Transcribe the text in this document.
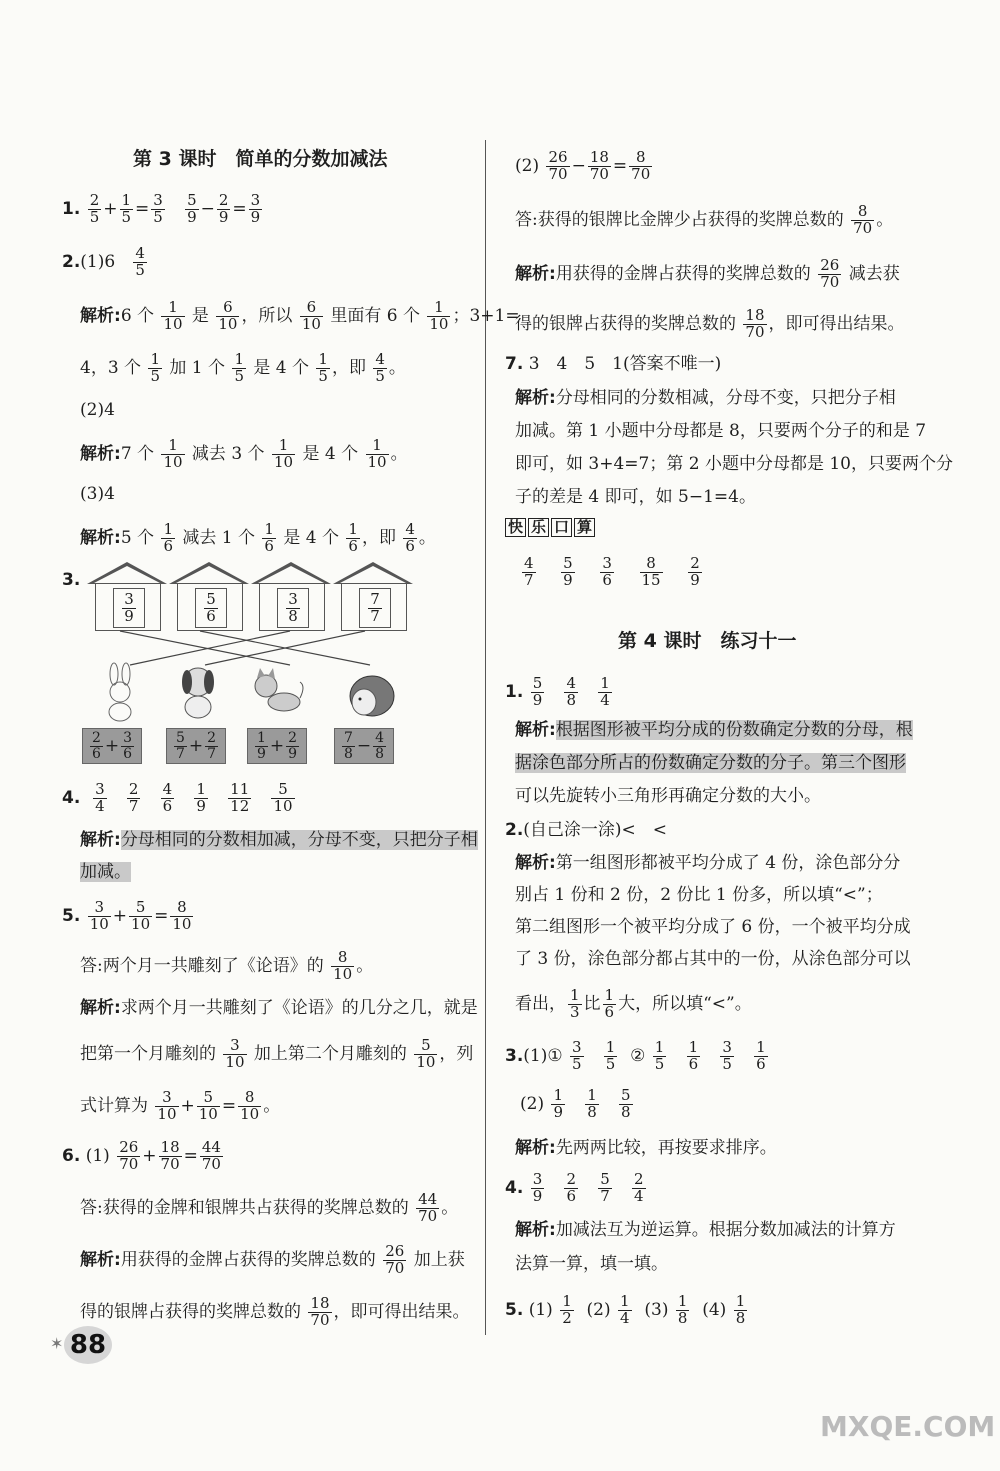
第 3 课时　简单的分数加减法
1. $\frac{2}{5} + \frac{1}{5} = \frac{3}{5}$
$\frac{5}{9} - \frac{2}{9} = \frac{3}{9}$
$2.(1)6 \frac{4}{5}$
解析:6 个 $\frac{1}{10}$ 是 $\frac{6}{10}$ ，所以 $\frac{6}{10}$ 里面有 6 个 $\frac{1}{10}$ ；3+1=
4，3 个 $\frac{1}{5}$ 加 1 个 $\frac{1}{5}$ 是 4 个 $\frac{1}{5}$ ，即 $\frac{4}{5}$ 。
(2)4
解析:7 个 $\frac{1}{10}$ 减去 3 个 $\frac{1}{10}$ 是 4 个 $\frac{1}{10}$ 。
(3)4
解析:5 个 $\frac{1}{6}$ 减去 1 个 $\frac{1}{6}$ 是 4 个 $\frac{1}{6}$ ，即 $\frac{4}{6}$ 。
3.
3
9
5
6
3
8
7
7
2
6 + 3
6
5
7 + 2
7
1
9 + 2
9
7
8 − 4
8
4. $\frac{3}{4}$
$\frac{2}{7}$
$\frac{4}{6}$
$\frac{1}{9}$
$\frac{11}{12}$
$\frac{5}{10}$
解析:分母相同的分数相加减，分母不变，只把分子相
加减。
5. $\frac{3}{10} + \frac{5}{10} = \frac{8}{10}$
答:两个月一共雕刻了《论语》的 $\frac{8}{10}$ 。
解析:求两个月一共雕刻了《论语》的几分之几，就是
把第一个月雕刻的 $\frac{3}{10}$ 加上第二个月雕刻的 $\frac{5}{10}$ ，列
式计算为 $\frac{3}{10} + \frac{5}{10} = \frac{8}{10}$ 。
6. $(1) \frac{26}{70} + \frac{18}{70} = \frac{44}{70}$
答:获得的金牌和银牌共占获得的奖牌总数的 $\frac{44}{70}$ 。
解析:用获得的金牌占获得的奖牌总数的 $\frac{26}{70}$ 加上获
得的银牌占获得的奖牌总数的 $\frac{18}{70}$ ，即可得出结果。
✶ 88
$(2) \frac{26}{70} - \frac{18}{70} = \frac{8}{70}$
答:获得的银牌比金牌少占获得的奖牌总数的 $\frac{8}{70}$ 。
解析:用获得的金牌占获得的奖牌总数的 $\frac{26}{70}$ 减去获
得的银牌占获得的奖牌总数的 $\frac{18}{70}$ ，即可得出结果。
7. 3　4　5　1(答案不唯一)
解析:分母相同的分数相减，分母不变，只把分子相
加减。第 1 小题中分母都是 8，只要两个分子的和是 7
即可，如 3+4=7；第 2 小题中分母都是 10，只要两个分
子的差是 4 即可，如 5−1=4。
快 乐 口 算
$\frac{4}{7}$
$\frac{5}{9}$
$\frac{3}{6}$
$\frac{8}{15}$
$\frac{2}{9}$
第 4 课时　练习十一
1. $\frac{5}{9}$
$\frac{4}{8}$
$\frac{1}{4}$
解析:根据图形被平均分成的份数确定分数的分母，根
据涂色部分所占的份数确定分数的分子。第三个图形
可以先旋转小三角形再确定分数的大小。
2.(自己涂一涂)<　<
解析:第一组图形都被平均分成了 4 份，涂色部分分
别占 1 份和 2 份，2 份比 1 份多，所以填“<”；
第二组图形一个被平均分成了 6 份，一个被平均分成
了 3 份，涂色部分都占其中的一份，从涂色部分可以
看出， $\frac{1}{3}$ 比 $\frac{1}{6}$ 大，所以填“<”。
3.(1)① $\frac{3}{5}$
$\frac{1}{5}$ ② $\frac{1}{5}$
$\frac{1}{6}$
$\frac{3}{5}$
$\frac{1}{6}$
$(2) \frac{1}{9}$
$\frac{1}{8}$
$\frac{5}{8}$
解析:先两两比较，再按要求排序。
4. $\frac{3}{9}$
$\frac{2}{6}$
$\frac{5}{7}$
$\frac{2}{4}$
解析:加减法互为逆运算。根据分数加减法的计算方
法算一算，填一填。
5. $(1) \frac{1}{2} (2) \frac{1}{4} (3) \frac{1}{8} (4) \frac{1}{8}$
MXQE.COM
